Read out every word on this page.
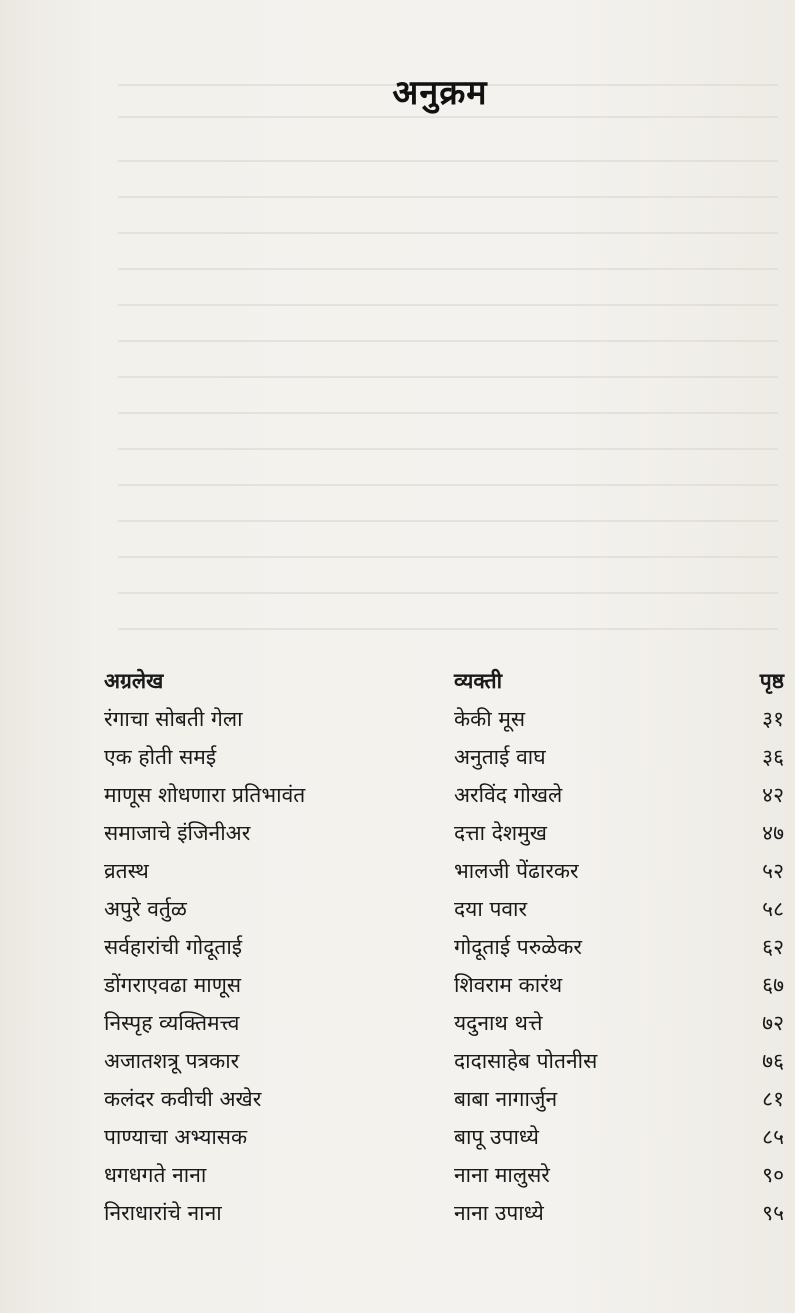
अनुक्रम
अग्रलेख	व्यक्ती	पृष्ठ
रंगाचा सोबती गेला	केकी मूस	३१
एक होती समई	अनुताई वाघ	३६
माणूस शोधणारा प्रतिभावंत	अरविंद गोखले	४२
समाजाचे इंजिनीअर	दत्ता देशमुख	४७
व्रतस्थ	भालजी पेंढारकर	५२
अपुरे वर्तुळ	दया पवार	५८
सर्वहारांची गोदूताई	गोदूताई परुळेकर	६२
डोंगराएवढा माणूस	शिवराम कारंथ	६७
निस्पृह व्यक्तिमत्त्व	यदुनाथ थत्ते	७२
अजातशत्रू पत्रकार	दादासाहेब पोतनीस	७६
कलंदर कवीची अखेर	बाबा नागार्जुन	८१
पाण्याचा अभ्यासक	बापू उपाध्ये	८५
धगधगते नाना	नाना मालुसरे	९०
निराधारांचे नाना	नाना उपाध्ये	९५
